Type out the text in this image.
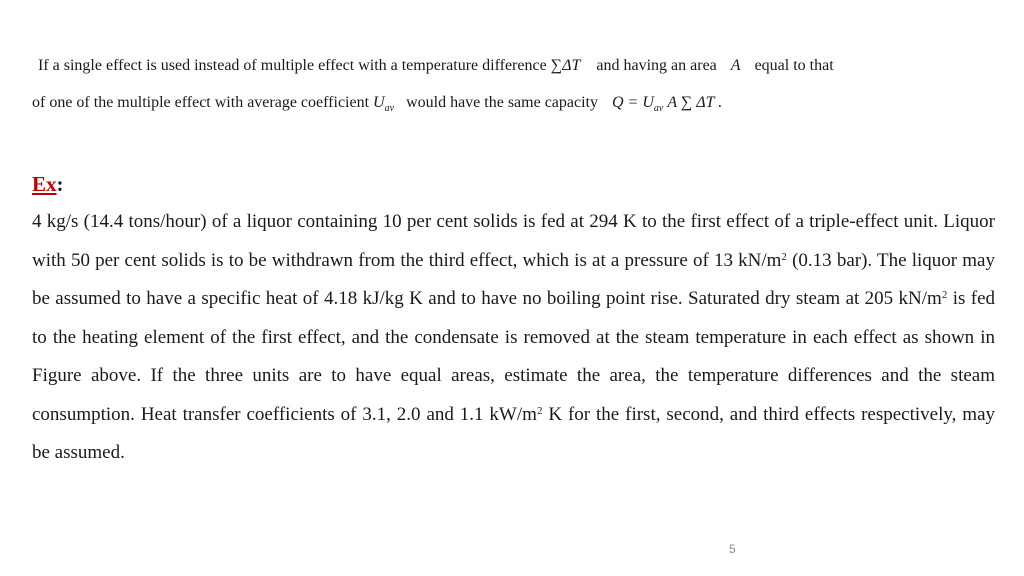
If a single effect is used instead of multiple effect with a temperature difference ∑ΔT and having an area A equal to that
of one of the multiple effect with average coefficient $U_{av}$ would have the same capacity $Q = U_{av}$ A ∑ ΔT .
Ex:
4 kg/s (14.4 tons/hour) of a liquor containing 10 per cent solids is fed at 294 K to the first effect of a triple-effect unit. Liquor with 50 per cent solids is to be withdrawn from the third effect, which is at a pressure of 13 $kN/m^2$ (0.13 bar). The liquor may be assumed to have a specific heat of 4.18 kJ/kg K and to have no boiling point rise. Saturated dry steam at 205 $kN/m^2$ is fed to the heating element of the first effect, and the condensate is removed at the steam temperature in each effect as shown in Figure above. If the three units are to have equal areas, estimate the area, the temperature differences and the steam consumption. Heat transfer coefficients of 3.1, 2.0 and 1.1 $kW/m^2$ K for the first, second, and third effects respectively, may be assumed.
5
